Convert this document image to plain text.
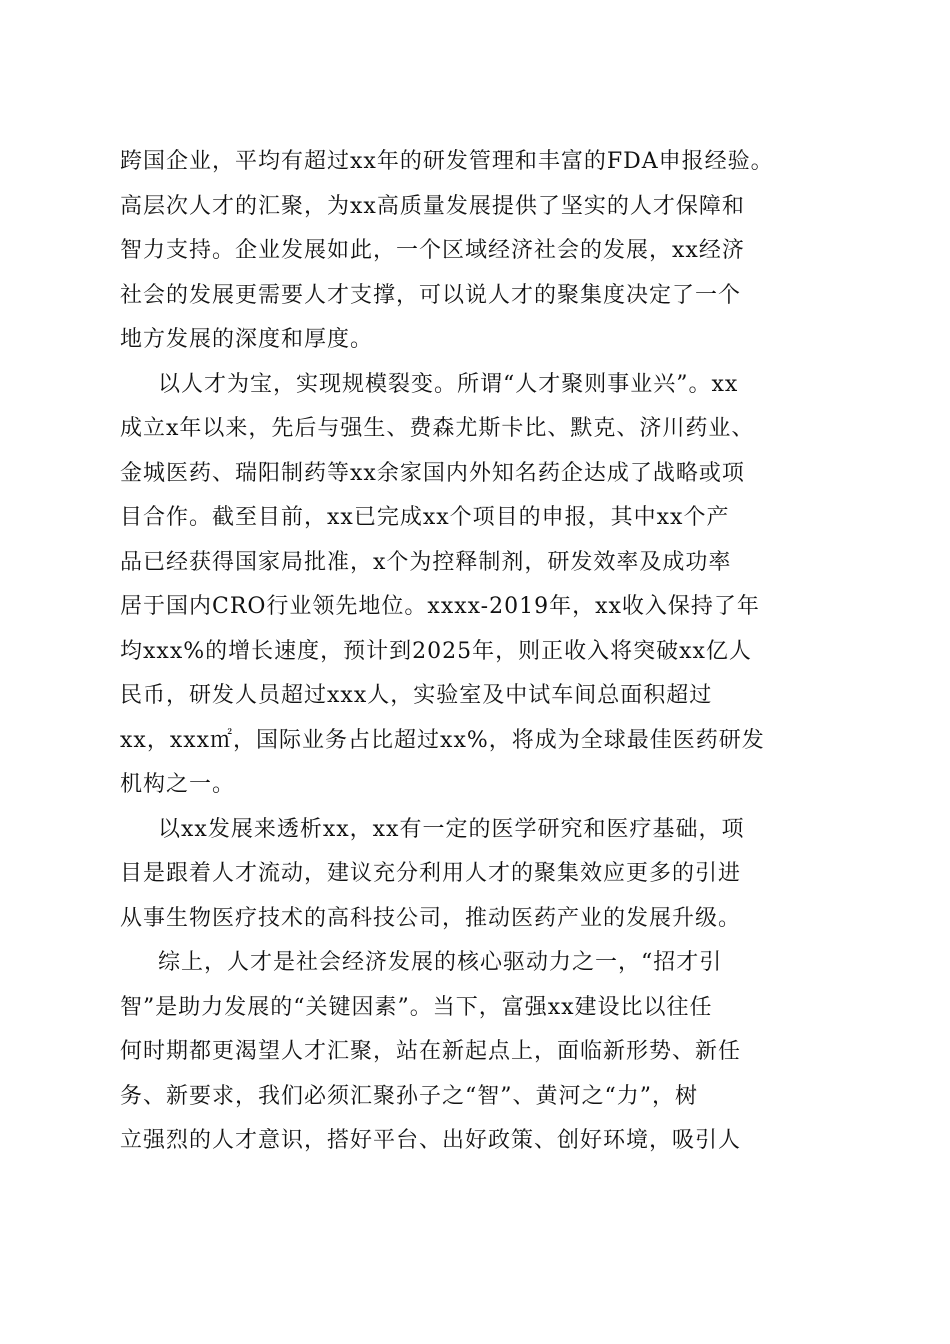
跨国企业，平均有超过xx年的研发管理和丰富的FDA申报经验。
高层次人才的汇聚，为xx高质量发展提供了坚实的人才保障和
智力支持。企业发展如此，一个区域经济社会的发展，xx经济
社会的发展更需要人才支撑，可以说人才的聚集度决定了一个
地方发展的深度和厚度。
以人才为宝，实现规模裂变。所谓“人才聚则事业兴”。xx
成立x年以来，先后与强生、费森尤斯卡比、默克、济川药业、
金城医药、瑞阳制药等xx余家国内外知名药企达成了战略或项
目合作。截至目前，xx已完成xx个项目的申报，其中xx个产
品已经获得国家局批准，x个为控释制剂，研发效率及成功率
居于国内CRO行业领先地位。xxxx-2019年，xx收入保持了年
均xxx%的增长速度，预计到2025年，则正收入将突破xx亿人
民币，研发人员超过xxx人，实验室及中试车间总面积超过
xx，xxx㎡，国际业务占比超过xx%，将成为全球最佳医药研发
机构之一。
以xx发展来透析xx，xx有一定的医学研究和医疗基础，项
目是跟着人才流动，建议充分利用人才的聚集效应更多的引进
从事生物医疗技术的高科技公司，推动医药产业的发展升级。
综上，人才是社会经济发展的核心驱动力之一，“招才引
智”是助力发展的“关键因素”。当下，富强xx建设比以往任
何时期都更渴望人才汇聚，站在新起点上，面临新形势、新任
务、新要求，我们必须汇聚孙子之“智”、黄河之“力”，树
立强烈的人才意识，搭好平台、出好政策、创好环境，吸引人
